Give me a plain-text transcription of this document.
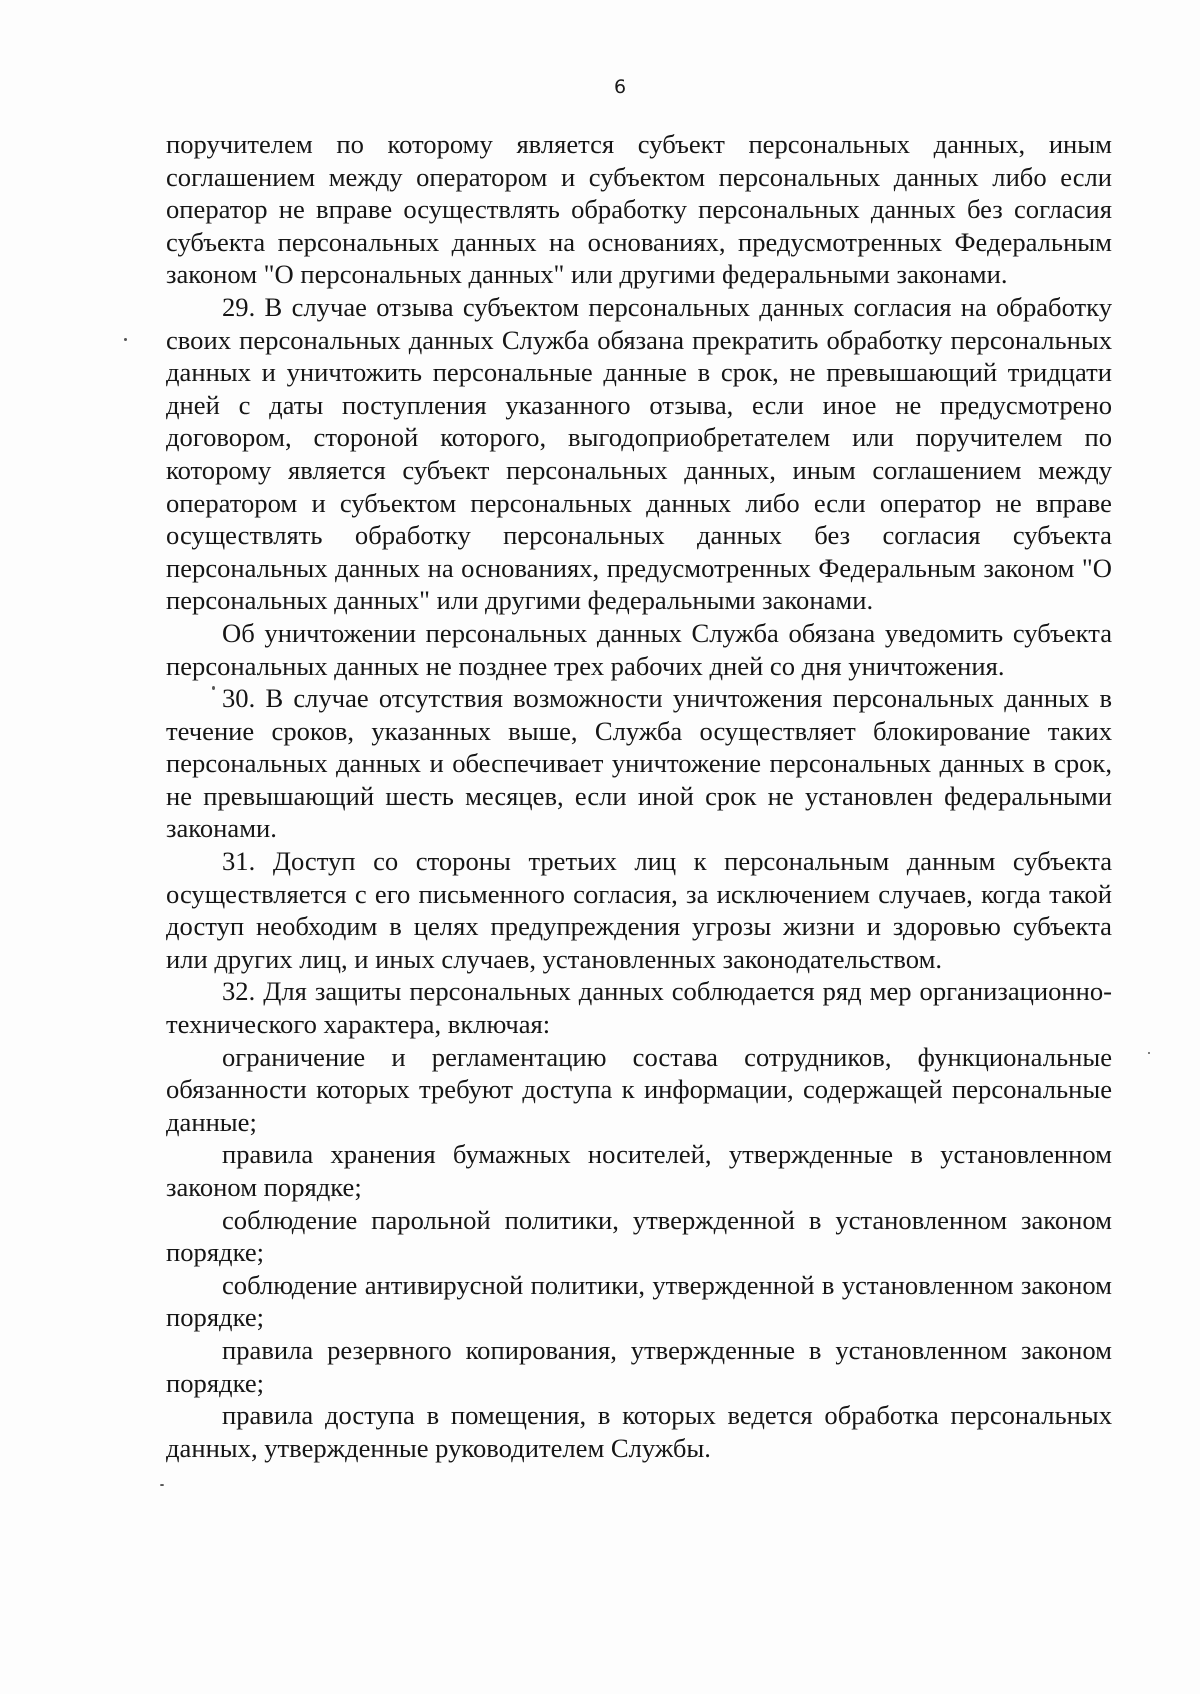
6

поручителем по которому является субъект персональных данных, иным соглашением между оператором и субъектом персональных данных либо если оператор не вправе осуществлять обработку персональных данных без согласия субъекта персональных данных на основаниях, предусмотренных Федеральным законом "О персональных данных" или другими федеральными законами.

29. В случае отзыва субъектом персональных данных согласия на обработку своих персональных данных Служба обязана прекратить обработку персональных данных и уничтожить персональные данные в срок, не превышающий тридцати дней с даты поступления указанного отзыва, если иное не предусмотрено договором, стороной которого, выгодоприобретателем или поручителем по которому является субъект персональных данных, иным соглашением между оператором и субъектом персональных данных либо если оператор не вправе осуществлять обработку персональных данных без согласия субъекта персональных данных на основаниях, предусмотренных Федеральным законом "О персональных данных" или другими федеральными законами.

Об уничтожении персональных данных Служба обязана уведомить субъекта персональных данных не позднее трех рабочих дней со дня уничтожения.

30. В случае отсутствия возможности уничтожения персональных данных в течение сроков, указанных выше, Служба осуществляет блокирование таких персональных данных и обеспечивает уничтожение персональных данных в срок, не превышающий шесть месяцев, если иной срок не установлен федеральными законами.

31. Доступ со стороны третьих лиц к персональным данным субъекта осуществляется с его письменного согласия, за исключением случаев, когда такой доступ необходим в целях предупреждения угрозы жизни и здоровью субъекта или других лиц, и иных случаев, установленных законодательством.

32. Для защиты персональных данных соблюдается ряд мер организационно-технического характера, включая:

ограничение и регламентацию состава сотрудников, функциональные обязанности которых требуют доступа к информации, содержащей персональные данные;

правила хранения бумажных носителей, утвержденные в установленном законом порядке;

соблюдение парольной политики, утвержденной в установленном законом порядке;

соблюдение антивирусной политики, утвержденной в установленном законом порядке;

правила резервного копирования, утвержденные в установленном законом порядке;

правила доступа в помещения, в которых ведется обработка персональных данных, утвержденные руководителем Службы.
